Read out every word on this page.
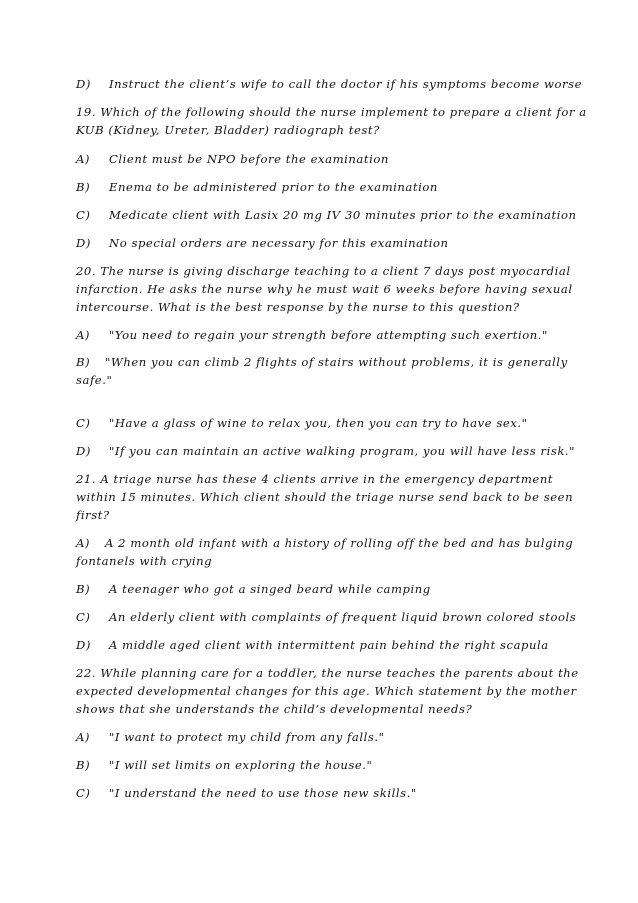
D) Instruct the client’s wife to call the doctor if his symptoms become worse

19. Which of the following should the nurse implement to prepare a client for a

KUB (Kidney, Ureter, Bladder) radiograph test?

A) Client must be NPO before the examination

B) Enema to be administered prior to the examination

C) Medicate client with Lasix 20 mg IV 30 minutes prior to the examination

D) No special orders are necessary for this examination

20. The nurse is giving discharge teaching to a client 7 days post myocardial

infarction. He asks the nurse why he must wait 6 weeks before having sexual

intercourse. What is the best response by the nurse to this question?

A) "You need to regain your strength before attempting such exertion."

B) "When you can climb 2 flights of stairs without problems, it is generally

safe."

C) "Have a glass of wine to relax you, then you can try to have sex."

D) "If you can maintain an active walking program, you will have less risk."

21. A triage nurse has these 4 clients arrive in the emergency department

within 15 minutes. Which client should the triage nurse send back to be seen

first?

A) A 2 month old infant with a history of rolling off the bed and has bulging

fontanels with crying

B) A teenager who got a singed beard while camping

C) An elderly client with complaints of frequent liquid brown colored stools

D) A middle aged client with intermittent pain behind the right scapula

22. While planning care for a toddler, the nurse teaches the parents about the

expected developmental changes for this age. Which statement by the mother

shows that she understands the child’s developmental needs?

A) "I want to protect my child from any falls."

B) "I will set limits on exploring the house."

C) "I understand the need to use those new skills."
